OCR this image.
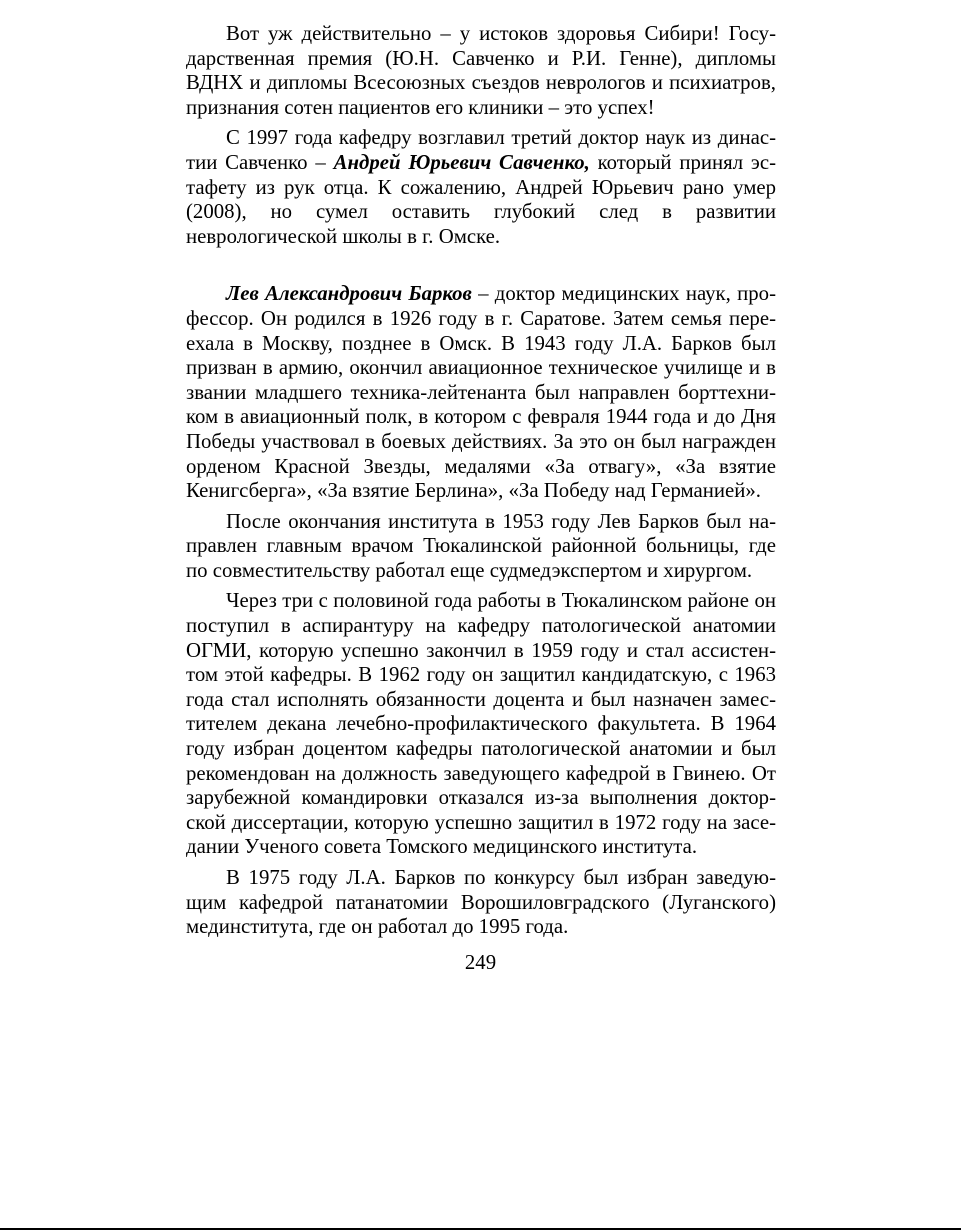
Вот уж действительно – у истоков здоровья Сибири! Государственная премия (Ю.Н. Савченко и Р.И. Генне), дипломы ВДНХ и дипломы Всесоюзных съездов неврологов и психиатров, признания сотен пациентов его клиники – это успех!

С 1997 года кафедру возглавил третий доктор наук из династии Савченко – Андрей Юрьевич Савченко, который принял эстафету из рук отца. К сожалению, Андрей Юрьевич рано умер (2008), но сумел оставить глубокий след в развитии неврологической школы в г. Омске.

Лев Александрович Барков – доктор медицинских наук, профессор. Он родился в 1926 году в г. Саратове. Затем семья переехала в Москву, позднее в Омск. В 1943 году Л.А. Барков был призван в армию, окончил авиационное техническое училище и в звании младшего техника-лейтенанта был направлен борттехником в авиационный полк, в котором с февраля 1944 года и до Дня Победы участвовал в боевых действиях. За это он был награжден орденом Красной Звезды, медалями «За отвагу», «За взятие Кенигсберга», «За взятие Берлина», «За Победу над Германией».

После окончания института в 1953 году Лев Барков был направлен главным врачом Тюкалинской районной больницы, где по совместительству работал еще судмедэкспертом и хирургом.

Через три с половиной года работы в Тюкалинском районе он поступил в аспирантуру на кафедру патологической анатомии ОГМИ, которую успешно закончил в 1959 году и стал ассистентом этой кафедры. В 1962 году он защитил кандидатскую, с 1963 года стал исполнять обязанности доцента и был назначен заместителем декана лечебно-профилактического факультета. В 1964 году избран доцентом кафедры патологической анатомии и был рекомендован на должность заведующего кафедрой в Гвинею. От зарубежной командировки отказался из-за выполнения докторской диссертации, которую успешно защитил в 1972 году на заседании Ученого совета Томского медицинского института.

В 1975 году Л.А. Барков по конкурсу был избран заведующим кафедрой патанатомии Ворошиловградского (Луганского) мединститута, где он работал до 1995 года.

249
